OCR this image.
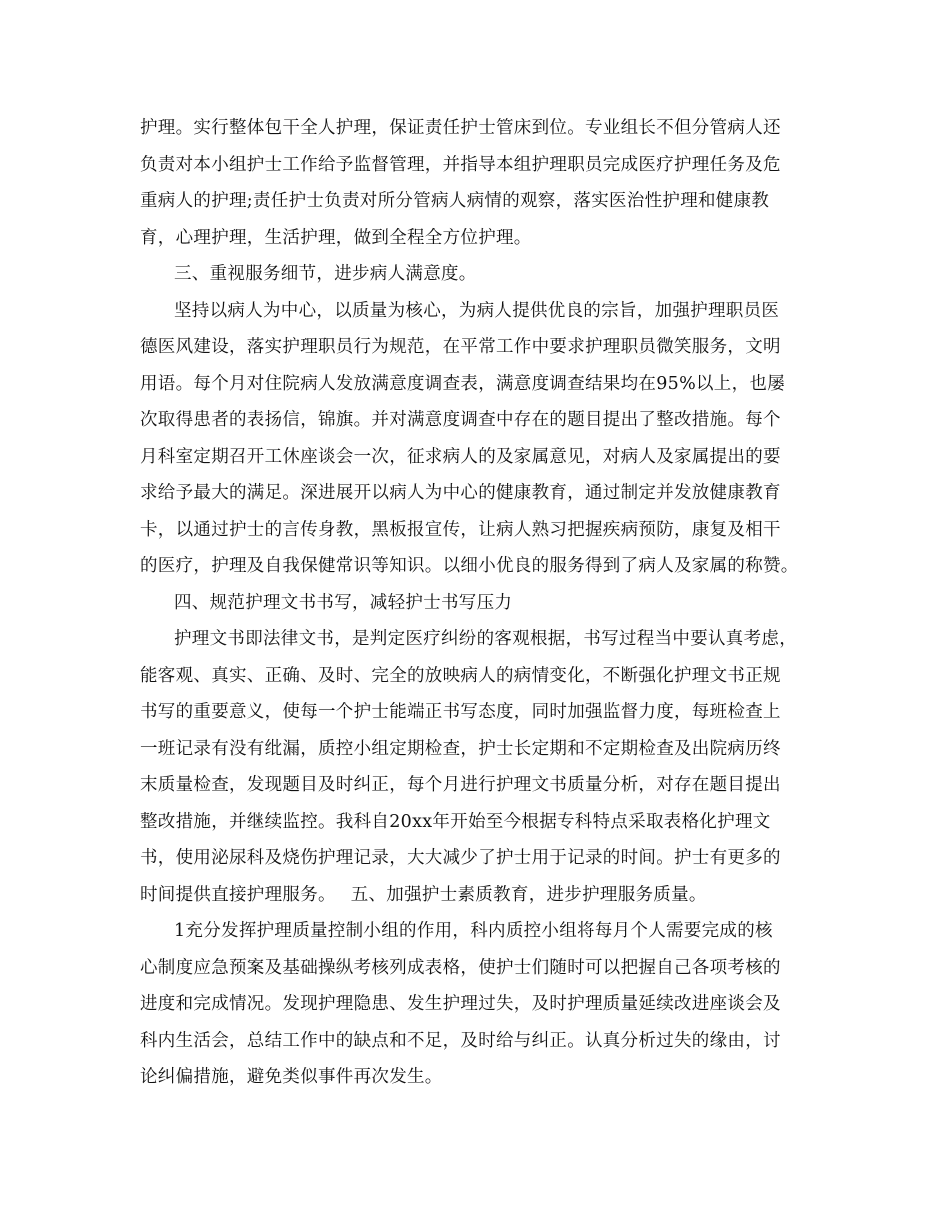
护理。实行整体包干全人护理，保证责任护士管床到位。专业组长不但分管病人还
负责对本小组护士工作给予监督管理，并指导本组护理职员完成医疗护理任务及危
重病人的护理;责任护士负责对所分管病人病情的观察，落实医治性护理和健康教
育，心理护理，生活护理，做到全程全方位护理。
三、重视服务细节，进步病人满意度。
坚持以病人为中心，以质量为核心，为病人提供优良的宗旨，加强护理职员医
德医风建设，落实护理职员行为规范，在平常工作中要求护理职员微笑服务，文明
用语。每个月对住院病人发放满意度调查表，满意度调查结果均在95%以上，也屡
次取得患者的表扬信，锦旗。并对满意度调查中存在的题目提出了整改措施。每个
月科室定期召开工休座谈会一次，征求病人的及家属意见，对病人及家属提出的要
求给予最大的满足。深进展开以病人为中心的健康教育，通过制定并发放健康教育
卡，以通过护士的言传身教，黑板报宣传，让病人熟习把握疾病预防，康复及相干
的医疗，护理及自我保健常识等知识。以细小优良的服务得到了病人及家属的称赞。
四、规范护理文书书写，减轻护士书写压力
护理文书即法律文书，是判定医疗纠纷的客观根据，书写过程当中要认真考虑，
能客观、真实、正确、及时、完全的放映病人的病情变化，不断强化护理文书正规
书写的重要意义，使每一个护士能端正书写态度，同时加强监督力度，每班检查上
一班记录有没有纰漏，质控小组定期检查，护士长定期和不定期检查及出院病历终
末质量检查，发现题目及时纠正，每个月进行护理文书质量分析，对存在题目提出
整改措施，并继续监控。我科自20xx年开始至今根据专科特点采取表格化护理文
书，使用泌尿科及烧伤护理记录，大大减少了护士用于记录的时间。护士有更多的
时间提供直接护理服务。　 五、加强护士素质教育，进步护理服务质量。
1充分发挥护理质量控制小组的作用，科内质控小组将每月个人需要完成的核
心制度应急预案及基础操纵考核列成表格，使护士们随时可以把握自己各项考核的
进度和完成情况。发现护理隐患、发生护理过失，及时护理质量延续改进座谈会及
科内生活会，总结工作中的缺点和不足，及时给与纠正。认真分析过失的缘由，讨
论纠偏措施，避免类似事件再次发生。
